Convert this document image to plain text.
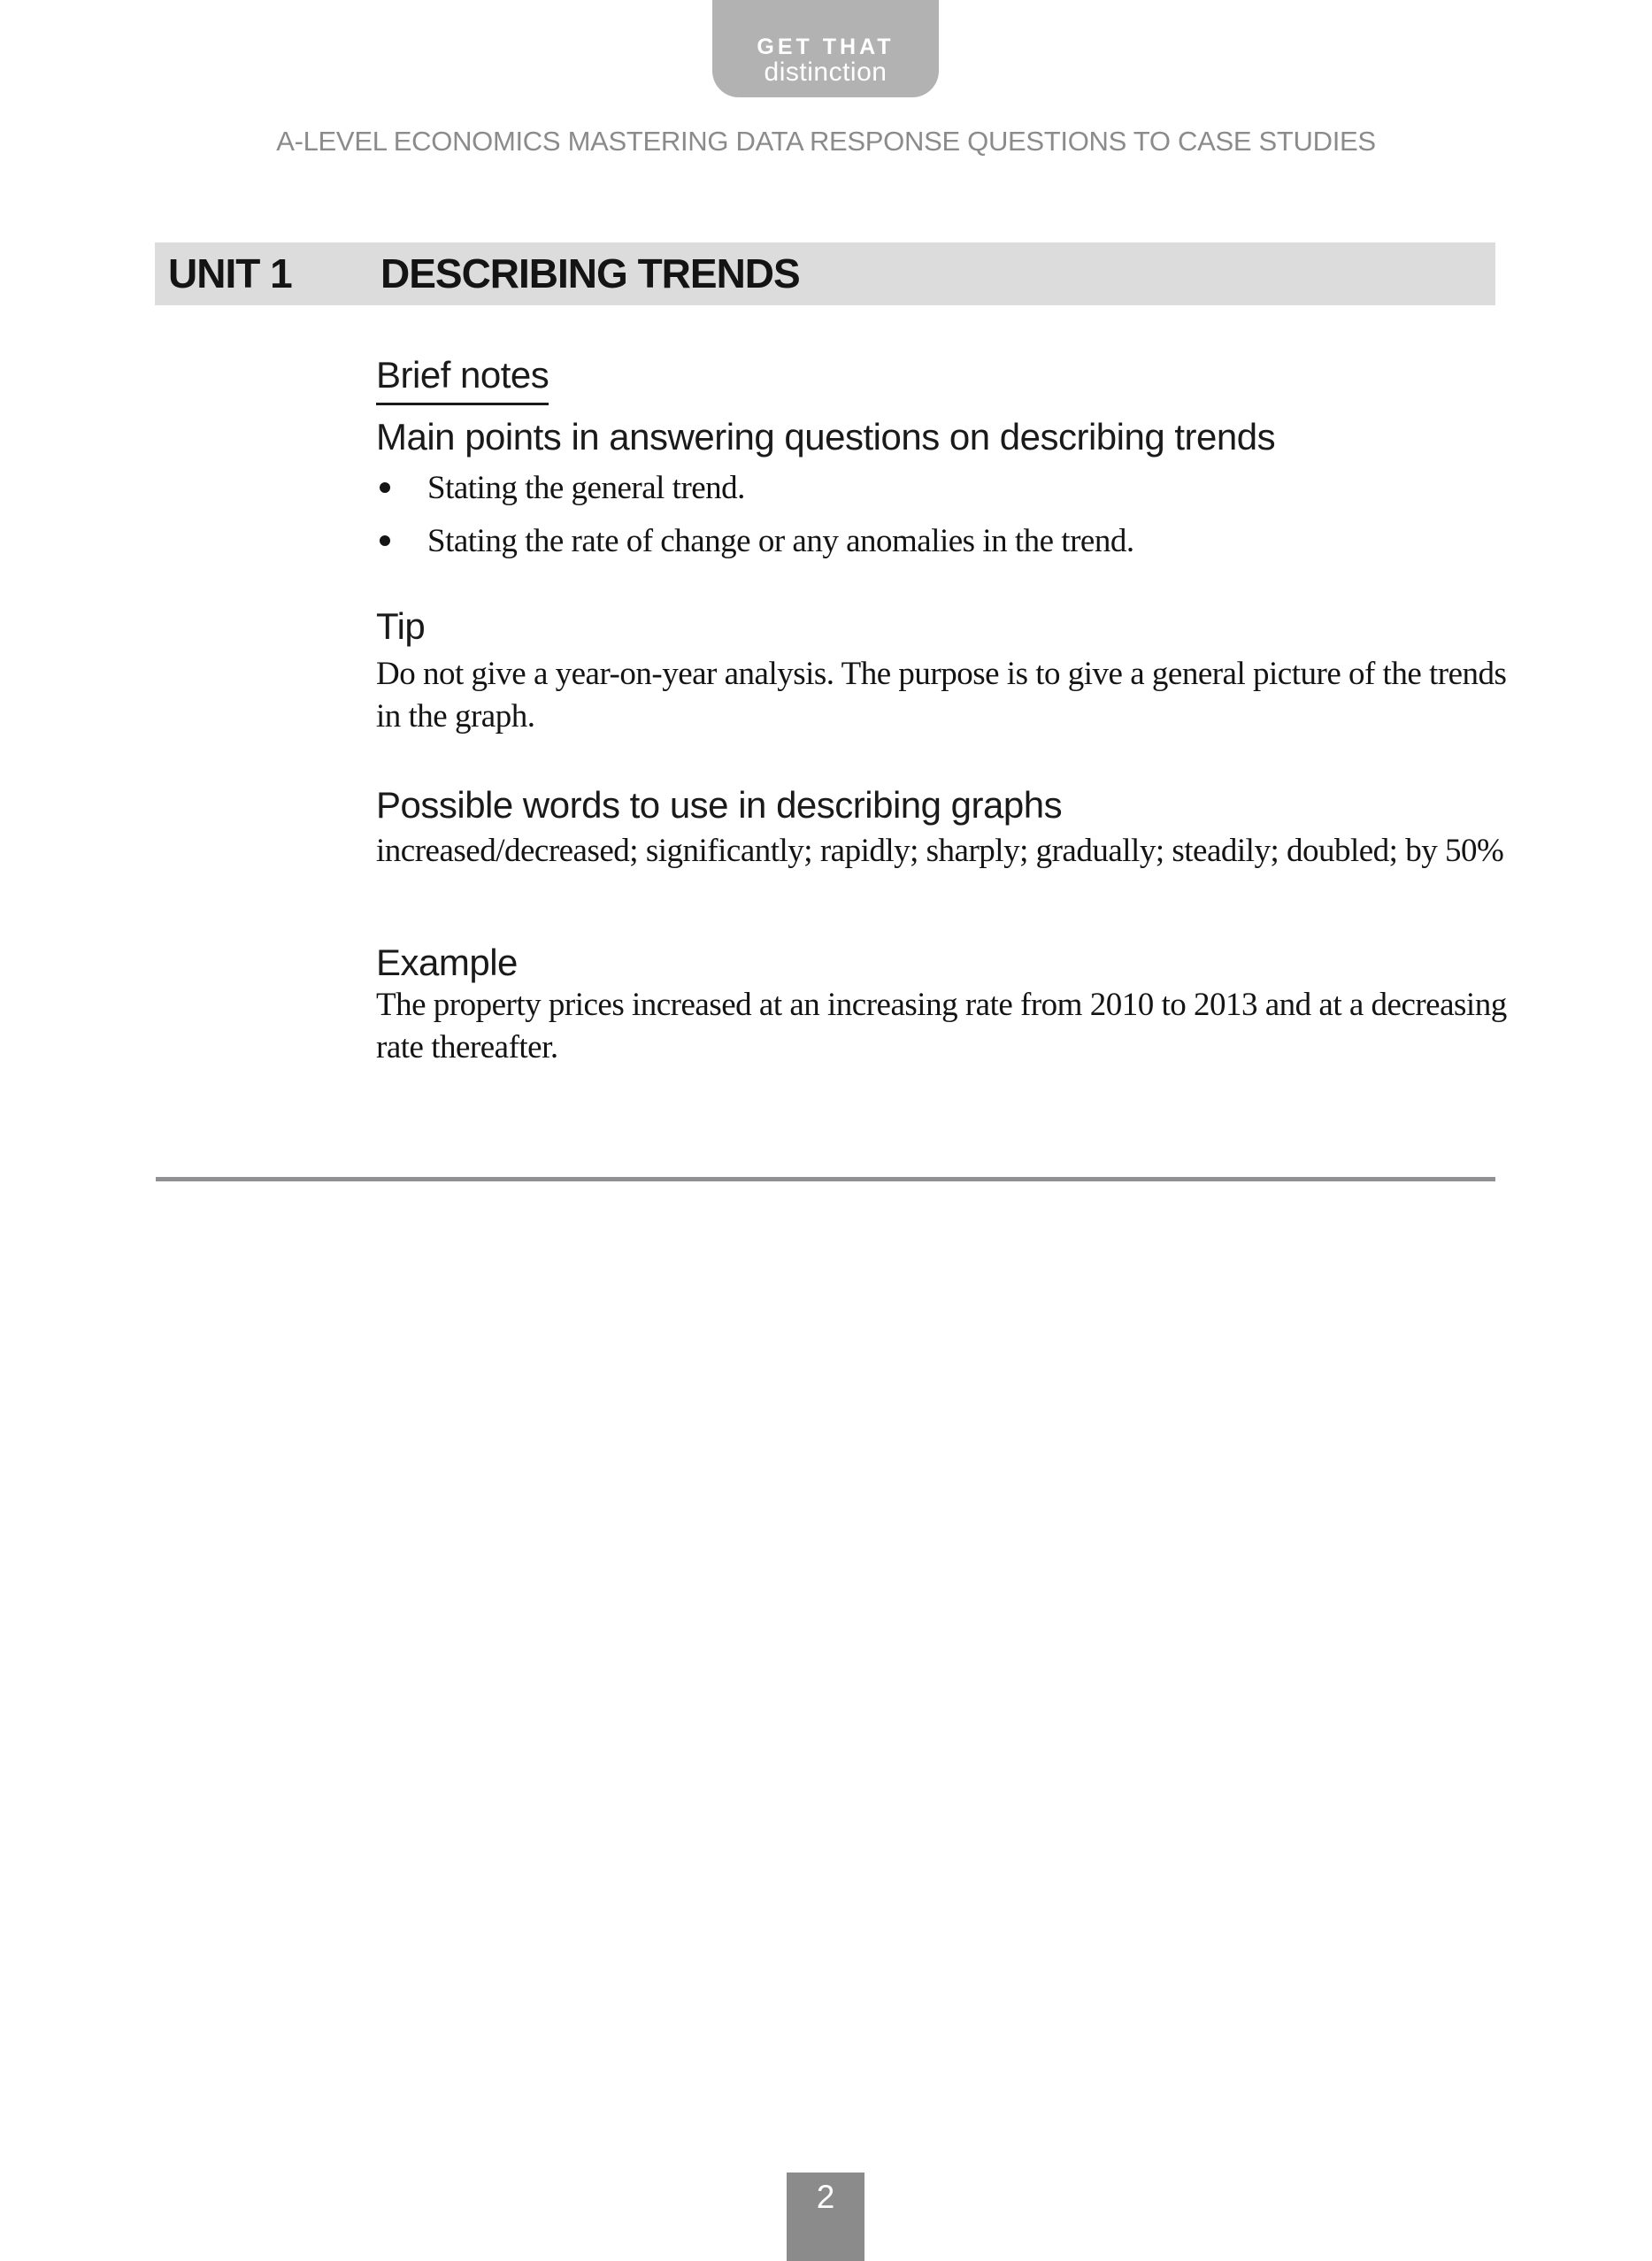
GET THAT
distinction
A-LEVEL ECONOMICS MASTERING DATA RESPONSE QUESTIONS TO CASE STUDIES
UNIT 1 DESCRIBING TRENDS
Brief notes
Main points in answering questions on describing trends
Stating the general trend.
Stating the rate of change or any anomalies in the trend.
Tip
Do not give a year-on-year analysis. The purpose is to give a general picture of the trends in the graph.
Possible words to use in describing graphs
increased/decreased; significantly; rapidly; sharply; gradually; steadily; doubled; by 50%
Example
The property prices increased at an increasing rate from 2010 to 2013 and at a decreasing rate thereafter.
2
